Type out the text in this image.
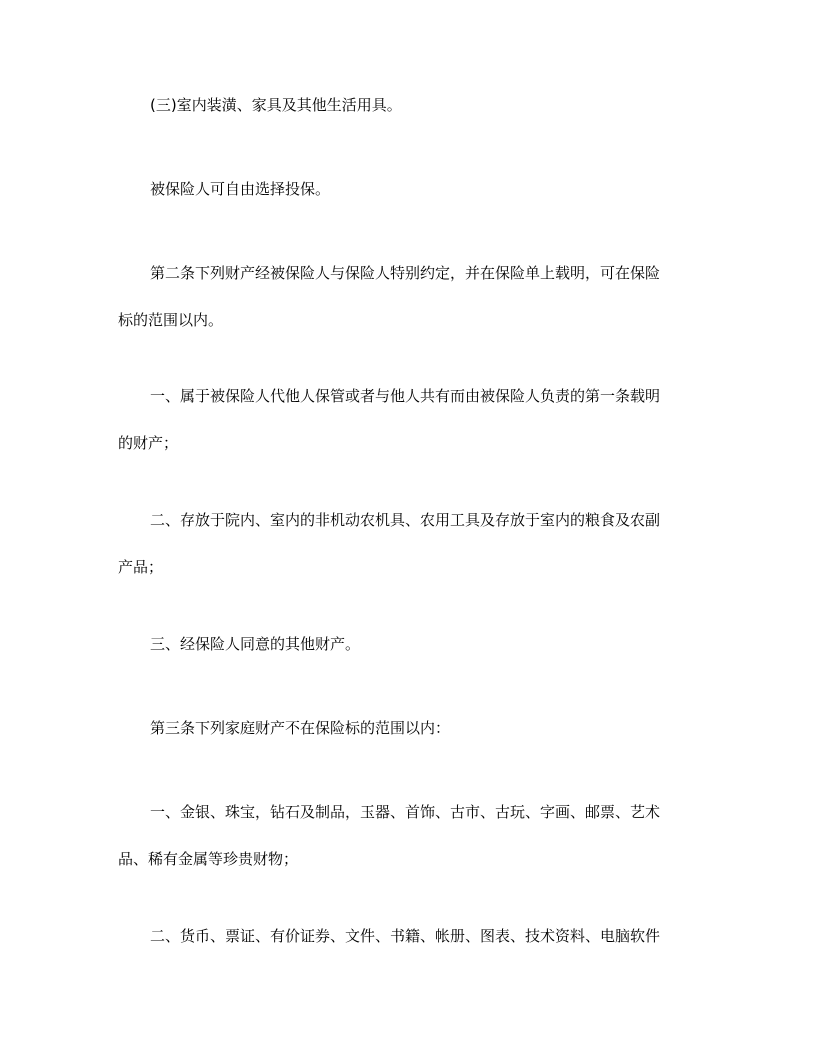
(三)室内装潢、家具及其他生活用具。

被保险人可自由选择投保。

第二条下列财产经被保险人与保险人特别约定，并在保险单上载明，可在保险
标的范围以内。

一、属于被保险人代他人保管或者与他人共有而由被保险人负责的第一条载明
的财产；

二、存放于院内、室内的非机动农机具、农用工具及存放于室内的粮食及农副
产品；

三、经保险人同意的其他财产。

第三条下列家庭财产不在保险标的范围以内：

一、金银、珠宝，钻石及制品，玉器、首饰、古市、古玩、字画、邮票、艺术
品、稀有金属等珍贵财物；

二、货币、票证、有价证券、文件、书籍、帐册、图表、技术资料、电脑软件
